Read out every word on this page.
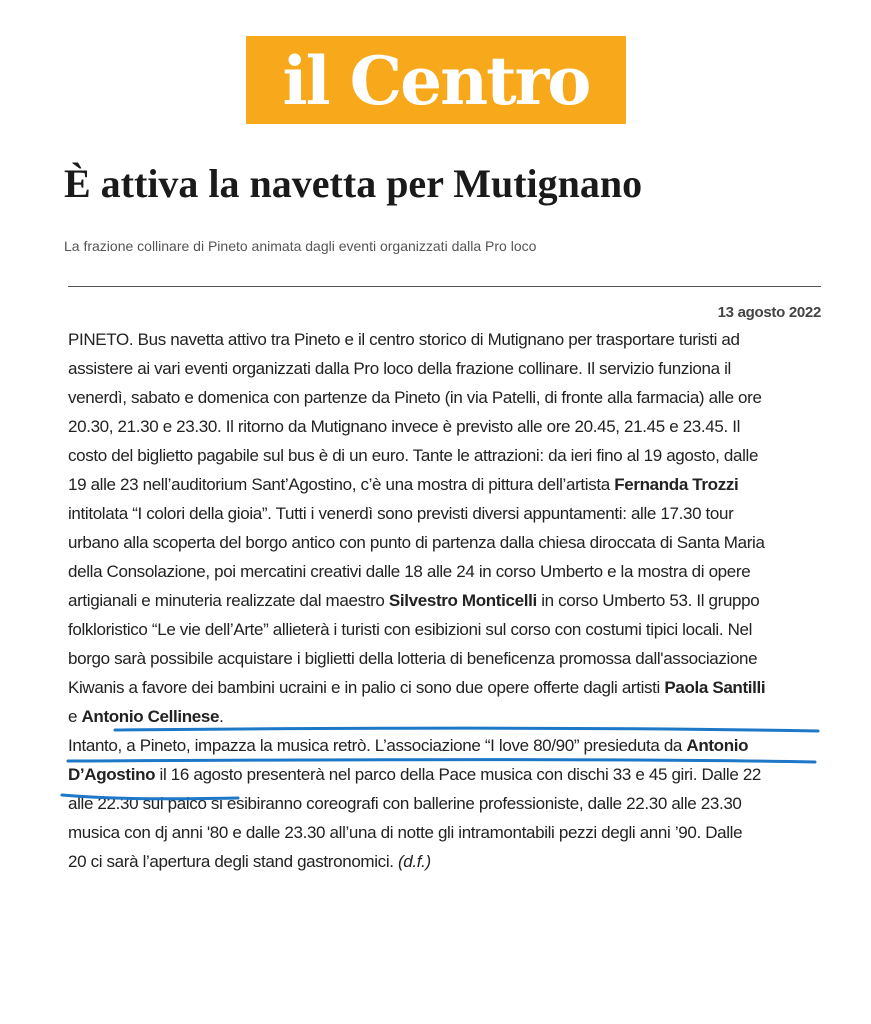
il Centro
È attiva la navetta per Mutignano

La frazione collinare di Pineto animata dagli eventi organizzati dalla Pro loco

13 agosto 2022
PINETO. Bus navetta attivo tra Pineto e il centro storico di Mutignano per trasportare turisti ad
assistere ai vari eventi organizzati dalla Pro loco della frazione collinare. Il servizio funziona il
venerdì, sabato e domenica con partenze da Pineto (in via Patelli, di fronte alla farmacia) alle ore
20.30, 21.30 e 23.30. Il ritorno da Mutignano invece è previsto alle ore 20.45, 21.45 e 23.45. Il
costo del biglietto pagabile sul bus è di un euro. Tante le attrazioni: da ieri fino al 19 agosto, dalle
19 alle 23 nell’auditorium Sant’Agostino, c’è una mostra di pittura dell’artista Fernanda Trozzi
intitolata “I colori della gioia”. Tutti i venerdì sono previsti diversi appuntamenti: alle 17.30 tour
urbano alla scoperta del borgo antico con punto di partenza dalla chiesa diroccata di Santa Maria
della Consolazione, poi mercatini creativi dalle 18 alle 24 in corso Umberto e la mostra di opere
artigianali e minuteria realizzate dal maestro Silvestro Monticelli in corso Umberto 53. Il gruppo
folkloristico “Le vie dell’Arte” allieterà i turisti con esibizioni sul corso con costumi tipici locali. Nel
borgo sarà possibile acquistare i biglietti della lotteria di beneficenza promossa dall'associazione
Kiwanis a favore dei bambini ucraini e in palio ci sono due opere offerte dagli artisti Paola Santilli
e Antonio Cellinese.
Intanto, a Pineto, impazza la musica retrò. L’associazione “I love 80/90” presieduta da Antonio
D’Agostino il 16 agosto presenterà nel parco della Pace musica con dischi 33 e 45 giri. Dalle 22
alle 22.30 sul palco si esibiranno coreografi con ballerine professioniste, dalle 22.30 alle 23.30
musica con dj anni '80 e dalle 23.30 all’una di notte gli intramontabili pezzi degli anni ’90. Dalle
20 ci sarà l’apertura degli stand gastronomici. (d.f.)
